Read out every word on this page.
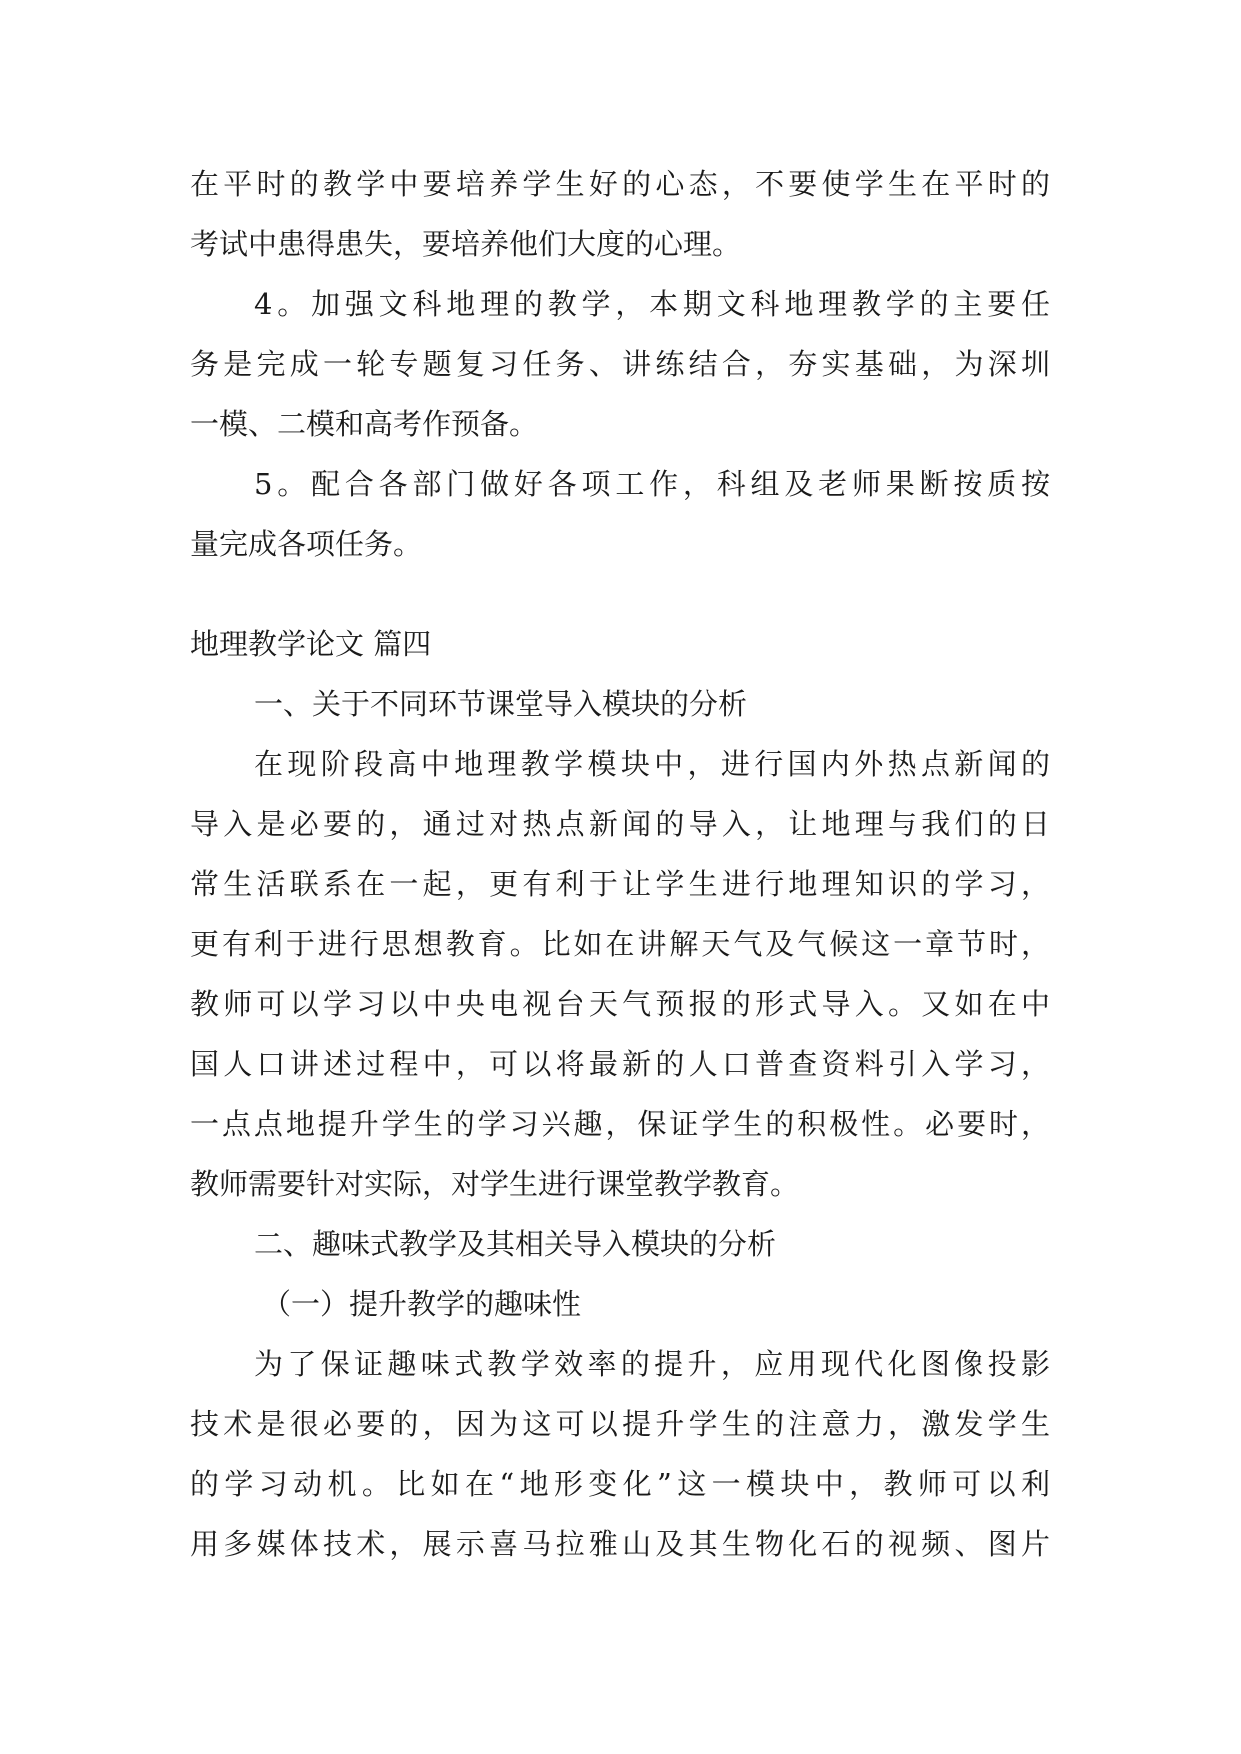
在平时的教学中要培养学生好的心态，不要使学生在平时的
考试中患得患失，要培养他们大度的心理。
4。加强文科地理的教学，本期文科地理教学的主要任
务是完成一轮专题复习任务、讲练结合，夯实基础，为深圳
一模、二模和高考作预备。
5。配合各部门做好各项工作，科组及老师果断按质按
量完成各项任务。
地理教学论文 篇四
一、关于不同环节课堂导入模块的分析
在现阶段高中地理教学模块中，进行国内外热点新闻的
导入是必要的，通过对热点新闻的导入，让地理与我们的日
常生活联系在一起，更有利于让学生进行地理知识的学习，
更有利于进行思想教育。比如在讲解天气及气候这一章节时，
教师可以学习以中央电视台天气预报的形式导入。又如在中
国人口讲述过程中，可以将最新的人口普查资料引入学习，
一点点地提升学生的学习兴趣，保证学生的积极性。必要时，
教师需要针对实际，对学生进行课堂教学教育。
二、趣味式教学及其相关导入模块的分析
（一）提升教学的趣味性
为了保证趣味式教学效率的提升，应用现代化图像投影
技术是很必要的，因为这可以提升学生的注意力，激发学生
的学习动机。比如在“地形变化”这一模块中，教师可以利
用多媒体技术，展示喜马拉雅山及其生物化石的视频、图片
